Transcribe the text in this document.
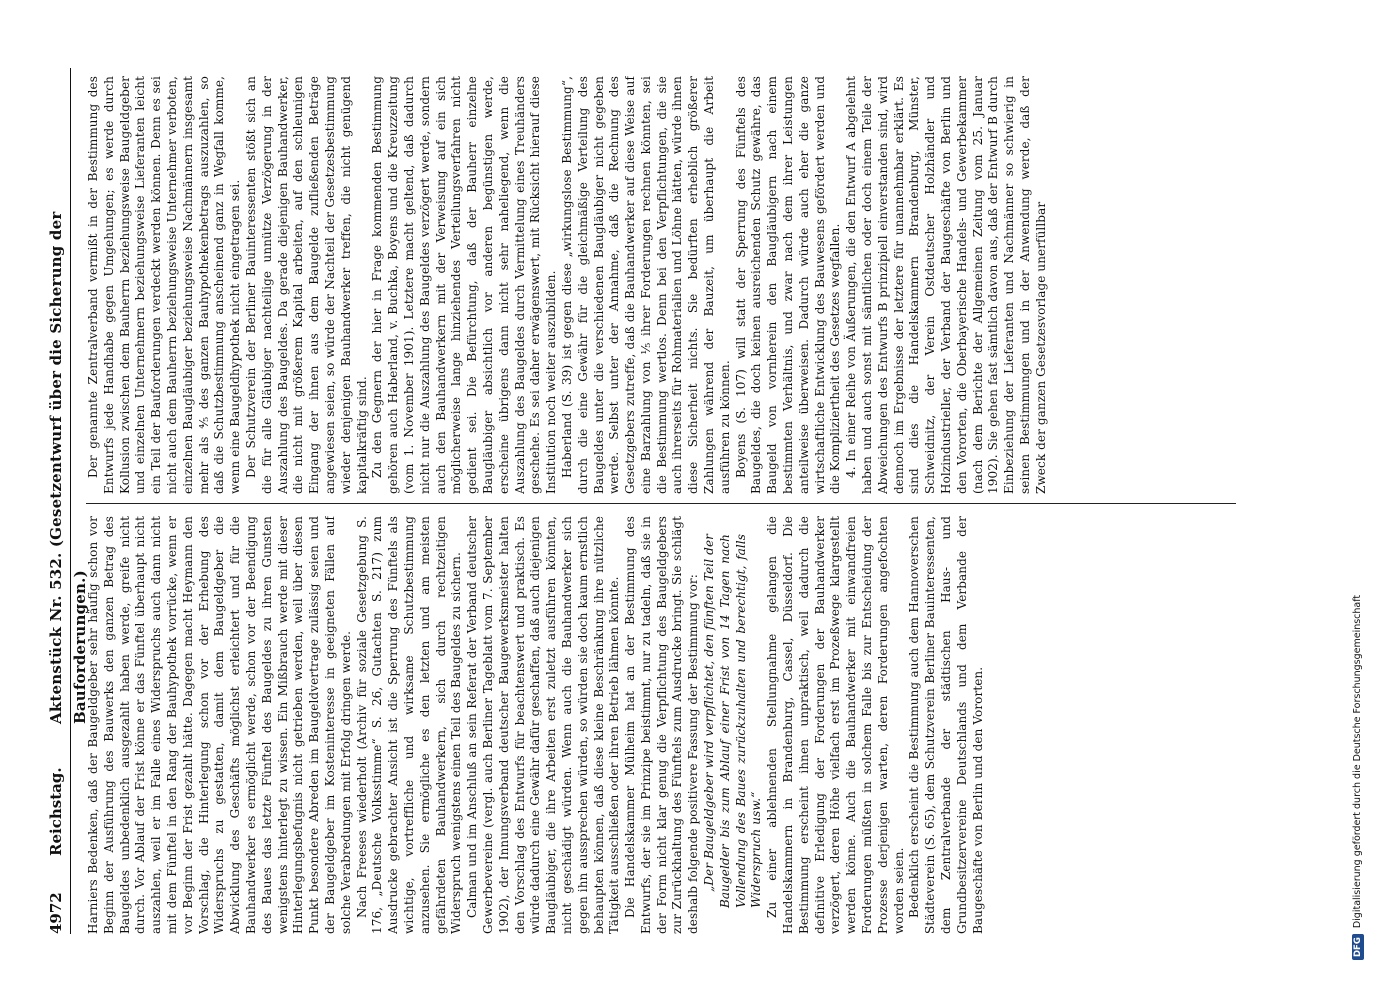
4972
Reichstag.
Aktenstück Nr. 532. (Gesetzentwurf über die Sicherung der Bauforderungen.)

Harniers Bedenken, daß der Baugeldgeber sehr häufig schon vor Beginn der Ausführung des Bauwerks den ganzen Betrag des Baugeldes unbedenklich ausgezahlt haben werde, greife nicht durch. Vor Ablauf der Frist könne er das Fünftel überhaupt nicht auszahlen, weil er im Falle eines Widerspruchs auch dann nicht mit dem Fünftel in den Rang der Bauhypothek vorrücke, wenn er vor Beginn der Frist gezahlt hätte. Dagegen macht Heymann den Vorschlag, die Hinterlegung schon vor der Erhebung des Widerspruchs zu gestatten, damit dem Baugeldgeber die Abwicklung des Geschäfts möglichst erleichtert und für die Bauhandwerker es ermöglicht werde, schon vor der Beendigung des Baues das letzte Fünftel des Baugeldes zu ihren Gunsten wenigstens hinterlegt zu wissen. Ein Mißbrauch werde mit dieser Hinterlegungsbefugnis nicht getrieben werden, weil über diesen Punkt besondere Abreden im Baugeldvertrage zulässig seien und der Baugeldgeber im Kosteninteresse in geeigneten Fällen auf solche Verabredungen mit Erfolg dringen werde. Nach Freeses wiederholt (Archiv für soziale Gesetzgebung S. 176, „Deutsche Volksstimme“ S. 26, Gutachten S. 217) zum Ausdrucke gebrachter Ansicht ist die Sperrung des Fünftels als wichtige, vortreffliche und wirksame Schutzbestimmung anzusehen. Sie ermögliche es den letzten und am meisten gefährdeten Bauhandwerkern, sich durch rechtzeitigen Widerspruch wenigstens einen Teil des Baugeldes zu sichern. Calman und im Anschluß an sein Referat der Verband deutscher Gewerbevereine (vergl. auch Berliner Tageblatt vom 7. September 1902), der Innungsverband deutscher Baugewerksmeister halten den Vorschlag des Entwurfs für beachtenswert und praktisch. Es würde dadurch eine Gewähr dafür geschaffen, daß auch diejenigen Baugläubiger, die ihre Arbeiten erst zuletzt ausführen könnten, nicht geschädigt würden. Wenn auch die Bauhandwerker sich gegen ihn aussprechen würden, so würden sie doch kaum ernstlich behaupten können, daß diese kleine Beschränkung ihre nützliche Tätigkeit ausschließen oder ihren Betrieb lähmen könnte. Die Handelskammer Mülheim hat an der Bestimmung des Entwurfs, der sie im Prinzipe beistimmt, nur zu tadeln, daß sie in der Form nicht klar genug die Verpflichtung des Baugeldgebers zur Zurückhaltung des Fünftels zum Ausdrucke bringt. Sie schlägt deshalb folgende positivere Fassung der Bestimmung vor: „Der Baugeldgeber wird verpflichtet, den fünften Teil der Baugelder bis zum Ablauf einer Frist von 14 Tagen nach Vollendung des Baues zurückzuhalten und berechtigt, falls Widerspruch usw.“ Zu einer ablehnenden Stellungnahme gelangen die Handelskammern in Brandenburg, Cassel, Düsseldorf. Die Bestimmung erscheint ihnen unpraktisch, weil dadurch die definitive Erledigung der Forderungen der Bauhandwerker verzögert, deren Höhe vielfach erst im Prozeßwege klargestellt werden könne. Auch die Bauhandwerker mit einwandfreien Forderungen müßten in solchem Falle bis zur Entscheidung der Prozesse derjenigen warten, deren Forderungen angefochten worden seien. Bedenklich erscheint die Bestimmung auch dem Hannoverschen Städteverein (S. 65), dem Schutzverein Berliner Bauinteressenten, dem Zentralverbande der städtischen Haus- und Grundbesitzervereine Deutschlands und dem Verbande der Baugeschäfte von Berlin und den Vororten.

Der genannte Zentralverband vermißt in der Bestimmung des Entwurfs jede Handhabe gegen Umgehungen; es werde durch Kollusion zwischen dem Bauherrn beziehungsweise Baugeldgeber und einzelnen Unternehmern beziehungsweise Lieferanten leicht ein Teil der Bauforderungen verdeckt werden können. Denn es sei nicht auch dem Bauherrn beziehungsweise Unternehmer verboten, einzelnen Baugläubiger beziehungsweise Nachmännern insgesamt mehr als ⁴⁄₅ des ganzen Bauhypothekenbetrags auszuzahlen, so daß die Schutzbestimmung anscheinend ganz in Wegfall komme, wenn eine Baugeldhypothek nicht eingetragen sei. Der Schutzverein der Berliner Bauinteressenten stößt sich an die für alle Gläubiger nachteilige unnütze Verzögerung in der Auszahlung des Baugeldes. Da gerade diejenigen Bauhandwerker, die nicht mit größerem Kapital arbeiten, auf den schleunigen Eingang der ihnen aus dem Baugelde zufließenden Beträge angewiesen seien, so würde der Nachteil der Gesetzesbestimmung wieder denjenigen Bauhandwerker treffen, die nicht genügend kapitalkräftig sind. Zu den Gegnern der hier in Frage kommenden Bestimmung gehören auch Haberland, v. Buchka, Boyens und die Kreuzzeitung (vom 1. November 1901). Letztere macht geltend, daß dadurch nicht nur die Auszahlung des Baugeldes verzögert werde, sondern auch den Bauhandwerkern mit der Verweisung auf ein sich möglicherweise lange hinziehendes Verteilungsverfahren nicht gedient sei. Die Befürchtung, daß der Bauherr einzelne Baugläubiger absichtlich vor anderen begünstigen werde, erscheine übrigens dann nicht sehr naheliegend, wenn die Auszahlung des Baugeldes durch Vermittelung eines Treuhänders geschehe. Es sei daher erwägenswert, mit Rücksicht hierauf diese Institution noch weiter auszubilden. Haberland (S. 39) ist gegen diese „wirkungslose Bestimmung“, durch die eine Gewähr für die gleichmäßige Verteilung des Baugeldes unter die verschiedenen Baugläubiger nicht gegeben werde. Selbst unter der Annahme, daß die Rechnung des Gesetzgebers zutreffe, daß die Bauhandwerker auf diese Weise auf eine Barzahlung von ¹⁄₅ ihrer Forderungen rechnen könnten, sei die Bestimmung wertlos. Denn bei den Verpflichtungen, die sie auch ihrerseits für Rohmaterialien und Löhne hätten, würde ihnen diese Sicherheit nichts. Sie bedürften erheblich größerer Zahlungen während der Bauzeit, um überhaupt die Arbeit ausführen zu können. Boyens (S. 107) will statt der Sperrung des Fünftels des Baugeldes, die doch keinen ausreichenden Schutz gewähre, das Baugeld von vornherein den Baugläubigern nach einem bestimmten Verhältnis, und zwar nach dem ihrer Leistungen anteilweise überweisen. Dadurch würde auch eher die ganze wirtschaftliche Entwicklung des Bauwesens gefördert werden und die Kompliziertheit des Gesetzes wegfallen. 4. In einer Reihe von Äußerungen, die den Entwurf A abgelehnt haben und auch sonst mit sämtlichen oder doch einem Teile der Abweichungen des Entwurfs B prinzipiell einverstanden sind, wird dennoch im Ergebnisse der letztere für unannehmbar erklärt. Es sind dies die Handelskammern Brandenburg, Münster, Schweidnitz, der Verein Ostdeutscher Holzhändler und Holzindustrieller, der Verband der Baugeschäfte von Berlin und den Vororten, die Oberbayerische Handels- und Gewerbekammer (nach dem Berichte der Allgemeinen Zeitung vom 25. Januar 1902). Sie gehen fast sämtlich davon aus, daß der Entwurf B durch Einbeziehung der Lieferanten und Nachmänner so schwierig in seinen Bestimmungen und in der Anwendung werde, daß der Zweck der ganzen Gesetzesvorlage unerfüllbar

DFGDigitalisierung gefördert durch die Deutsche Forschungsgemeinschaft
